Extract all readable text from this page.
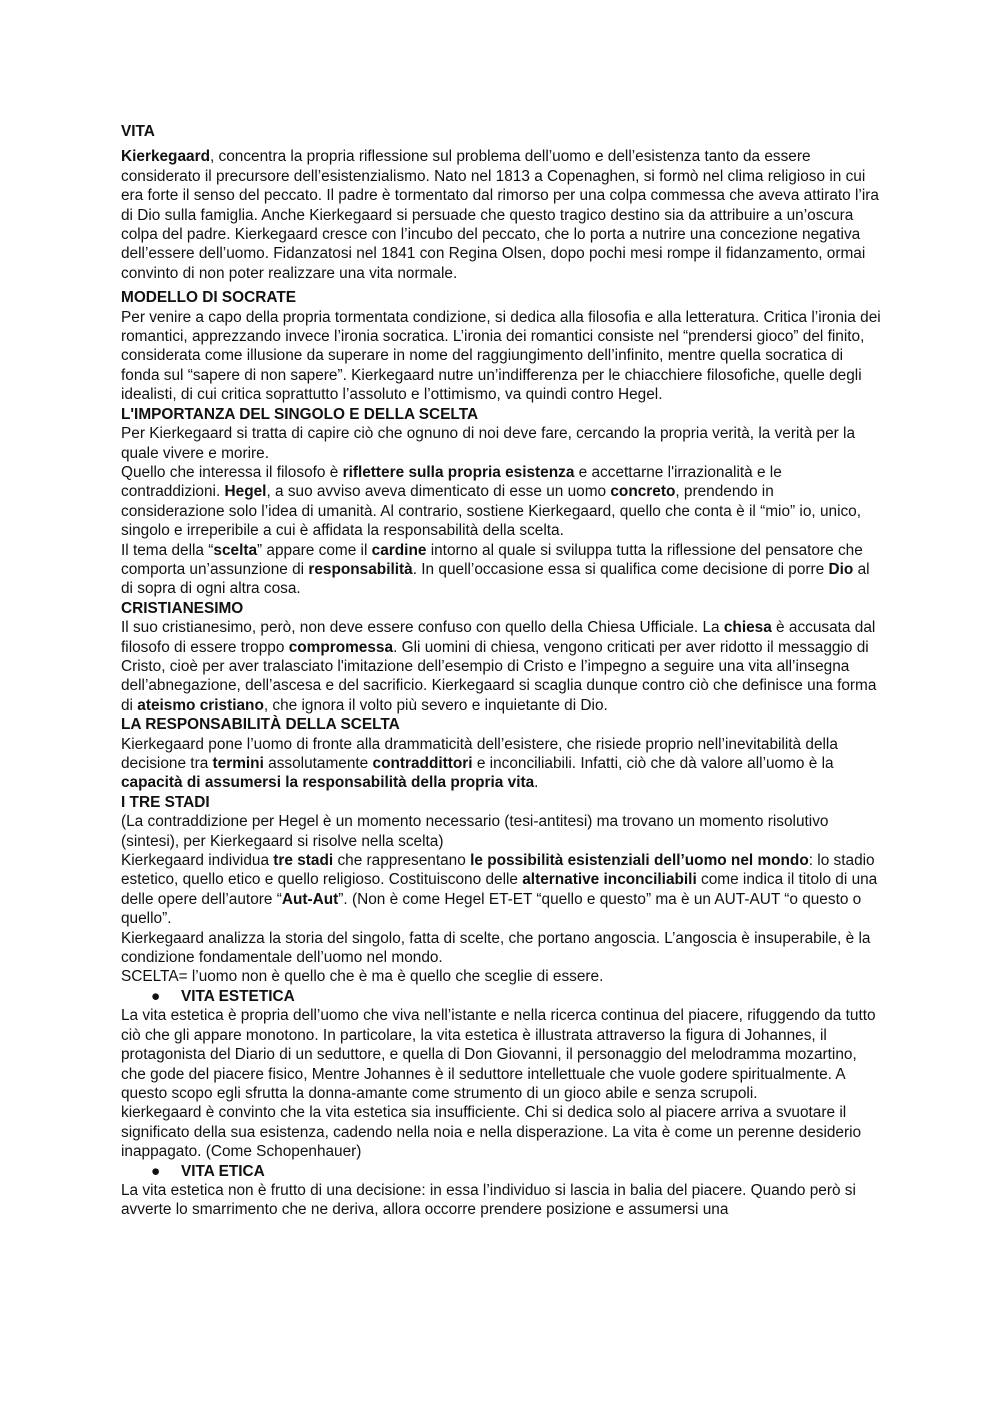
VITA

Kierkegaard, concentra la propria riflessione sul problema dell’uomo e dell’esistenza tanto da essere considerato il precursore dell’esistenzialismo. Nato nel 1813 a Copenaghen, si formò nel clima religioso in cui era forte il senso del peccato. Il padre è tormentato dal rimorso per una colpa commessa che aveva attirato l’ira di Dio sulla famiglia. Anche Kierkegaard si persuade che questo tragico destino sia da attribuire a un’oscura colpa del padre. Kierkegaard cresce con l’incubo del peccato, che lo porta a nutrire una concezione negativa dell’essere dell’uomo. Fidanzatosi nel 1841 con Regina Olsen, dopo pochi mesi rompe il fidanzamento, ormai convinto di non poter realizzare una vita normale.

MODELLO DI SOCRATE

Per venire a capo della propria tormentata condizione, si dedica alla filosofia e alla letteratura. Critica l’ironia dei romantici, apprezzando invece l’ironia socratica. L’ironia dei romantici consiste nel “prendersi gioco” del finito, considerata come illusione da superare in nome del raggiungimento dell’infinito, mentre quella socratica di fonda sul “sapere di non sapere”. Kierkegaard nutre un’indifferenza per le chiacchiere filosofiche, quelle degli idealisti, di cui critica soprattutto l’assoluto e l’ottimismo, va quindi contro Hegel.

L'IMPORTANZA DEL SINGOLO E DELLA SCELTA

Per Kierkegaard si tratta di capire ciò che ognuno di noi deve fare, cercando la propria verità, la verità per la quale vivere e morire.

Quello che interessa il filosofo è riflettere sulla propria esistenza e accettarne l'irrazionalità e le contraddizioni. Hegel, a suo avviso aveva dimenticato di esse un uomo concreto, prendendo in considerazione solo l’idea di umanità. Al contrario, sostiene Kierkegaard, quello che conta è il “mio” io, unico, singolo e irreperibile a cui è affidata la responsabilità della scelta.

Il tema della “scelta” appare come il cardine intorno al quale si sviluppa tutta la riflessione del pensatore che comporta un’assunzione di responsabilità. In quell’occasione essa si qualifica come decisione di porre Dio al di sopra di ogni altra cosa.

CRISTIANESIMO

Il suo cristianesimo, però, non deve essere confuso con quello della Chiesa Ufficiale. La chiesa è accusata dal filosofo di essere troppo compromessa. Gli uomini di chiesa, vengono criticati per aver ridotto il messaggio di Cristo, cioè per aver tralasciato l'imitazione dell’esempio di Cristo e l’impegno a seguire una vita all’insegna dell’abnegazione, dell’ascesa e del sacrificio. Kierkegaard si scaglia dunque contro ciò che definisce una forma di ateismo cristiano, che ignora il volto più severo e inquietante di Dio.

LA RESPONSABILITÀ DELLA SCELTA

Kierkegaard pone l’uomo di fronte alla drammaticità dell’esistere, che risiede proprio nell’inevitabilità della decisione tra termini assolutamente contraddittori e inconciliabili. Infatti, ciò che dà valore all’uomo è la capacità di assumersi la responsabilità della propria vita.

I TRE STADI

(La contraddizione per Hegel è un momento necessario (tesi-antitesi) ma trovano un momento risolutivo (sintesi), per Kierkegaard si risolve nella scelta)

Kierkegaard individua tre stadi che rappresentano le possibilità esistenziali dell’uomo nel mondo: lo stadio estetico, quello etico e quello religioso. Costituiscono delle alternative inconciliabili come indica il titolo di una delle opere dell’autore “Aut-Aut”. (Non è come Hegel ET-ET “quello e questo” ma è un AUT-AUT “o questo o quello”.

Kierkegaard analizza la storia del singolo, fatta di scelte, che portano angoscia. L’angoscia è insuperabile, è la condizione fondamentale dell’uomo nel mondo.

SCELTA= l’uomo non è quello che è ma è quello che sceglie di essere.

● VITA ESTETICA

La vita estetica è propria dell’uomo che viva nell’istante e nella ricerca continua del piacere, rifuggendo da tutto ciò che gli appare monotono. In particolare, la vita estetica è illustrata attraverso la figura di Johannes, il protagonista del Diario di un seduttore, e quella di Don Giovanni, il personaggio del melodramma mozartino, che gode del piacere fisico, Mentre Johannes è il seduttore intellettuale che vuole godere spiritualmente. A questo scopo egli sfrutta la donna-amante come strumento di un gioco abile e senza scrupoli.

kierkegaard è convinto che la vita estetica sia insufficiente. Chi si dedica solo al piacere arriva a svuotare il significato della sua esistenza, cadendo nella noia e nella disperazione. La vita è come un perenne desiderio inappagato. (Come Schopenhauer)

● VITA ETICA

La vita estetica non è frutto di una decisione: in essa l’individuo si lascia in balia del piacere. Quando però si avverte lo smarrimento che ne deriva, allora occorre prendere posizione e assumersi una
